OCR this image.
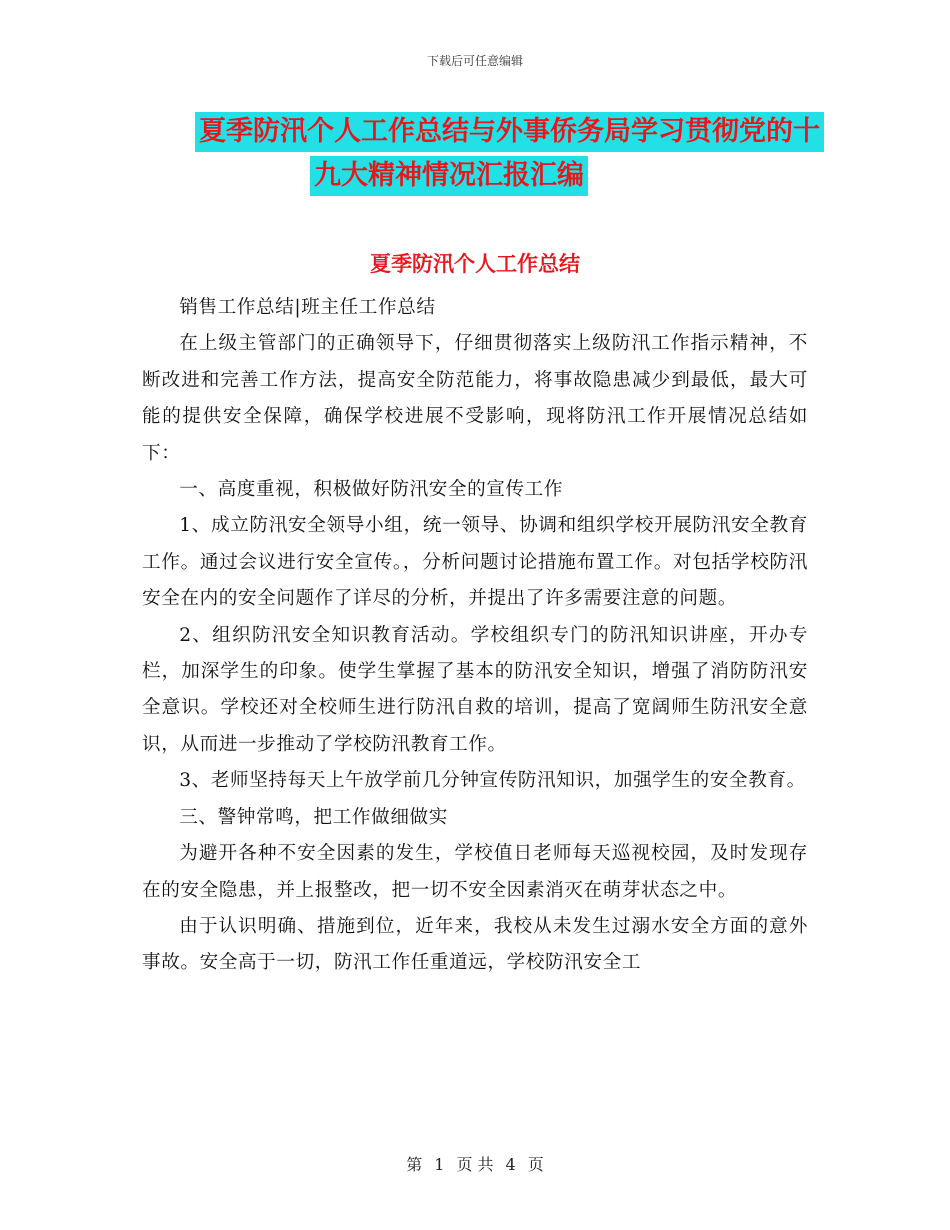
下载后可任意编辑
夏季防汛个人工作总结与外事侨务局学习贯彻党的十
九大精神情况汇报汇编
夏季防汛个人工作总结

销售工作总结|班主任工作总结

在上级主管部门的正确领导下，仔细贯彻落实上级防汛工作指示精神，不断改进和完善工作方法，提高安全防范能力，将事故隐患减少到最低，最大可能的提供安全保障，确保学校进展不受影响，现将防汛工作开展情况总结如下：

一、高度重视，积极做好防汛安全的宣传工作

1、成立防汛安全领导小组，统一领导、协调和组织学校开展防汛安全教育工作。通过会议进行安全宣传。，分析问题讨论措施布置工作。对包括学校防汛安全在内的安全问题作了详尽的分析，并提出了许多需要注意的问题。

2、组织防汛安全知识教育活动。学校组织专门的防汛知识讲座，开办专栏，加深学生的印象。使学生掌握了基本的防汛安全知识，增强了消防防汛安全意识。学校还对全校师生进行防汛自救的培训，提高了宽阔师生防汛安全意识，从而进一步推动了学校防汛教育工作。

3、老师坚持每天上午放学前几分钟宣传防汛知识，加强学生的安全教育。

三、警钟常鸣，把工作做细做实

为避开各种不安全因素的发生，学校值日老师每天巡视校园，及时发现存在的安全隐患，并上报整改，把一切不安全因素消灭在萌芽状态之中。

由于认识明确、措施到位，近年来，我校从未发生过溺水安全方面的意外事故。安全高于一切，防汛工作任重道远，学校防汛安全工

第 1 页 共 4 页
